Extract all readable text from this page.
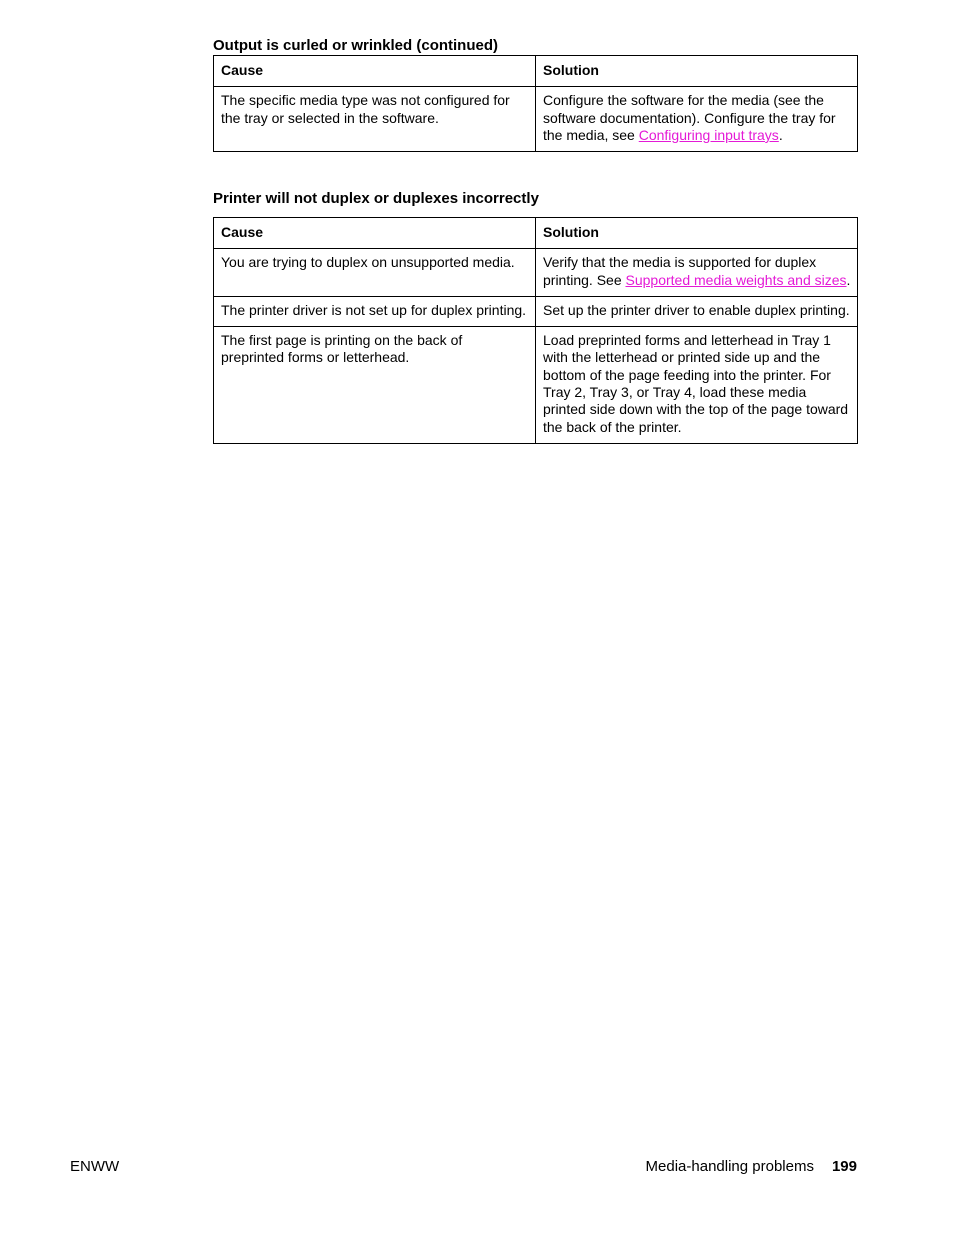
Output is curled or wrinkled (continued)
Cause	Solution
The specific media type was not configured for the tray or selected in the software.	Configure the software for the media (see the software documentation). Configure the tray for the media, see Configuring input trays.
Printer will not duplex or duplexes incorrectly
Cause	Solution
You are trying to duplex on unsupported media.	Verify that the media is supported for duplex printing. See Supported media weights and sizes.
The printer driver is not set up for duplex printing.	Set up the printer driver to enable duplex printing.
The first page is printing on the back of preprinted forms or letterhead.	Load preprinted forms and letterhead in Tray 1 with the letterhead or printed side up and the bottom of the page feeding into the printer. For Tray 2, Tray 3, or Tray 4, load these media printed side down with the top of the page toward the back of the printer.
ENWW	Media-handling problems 199
